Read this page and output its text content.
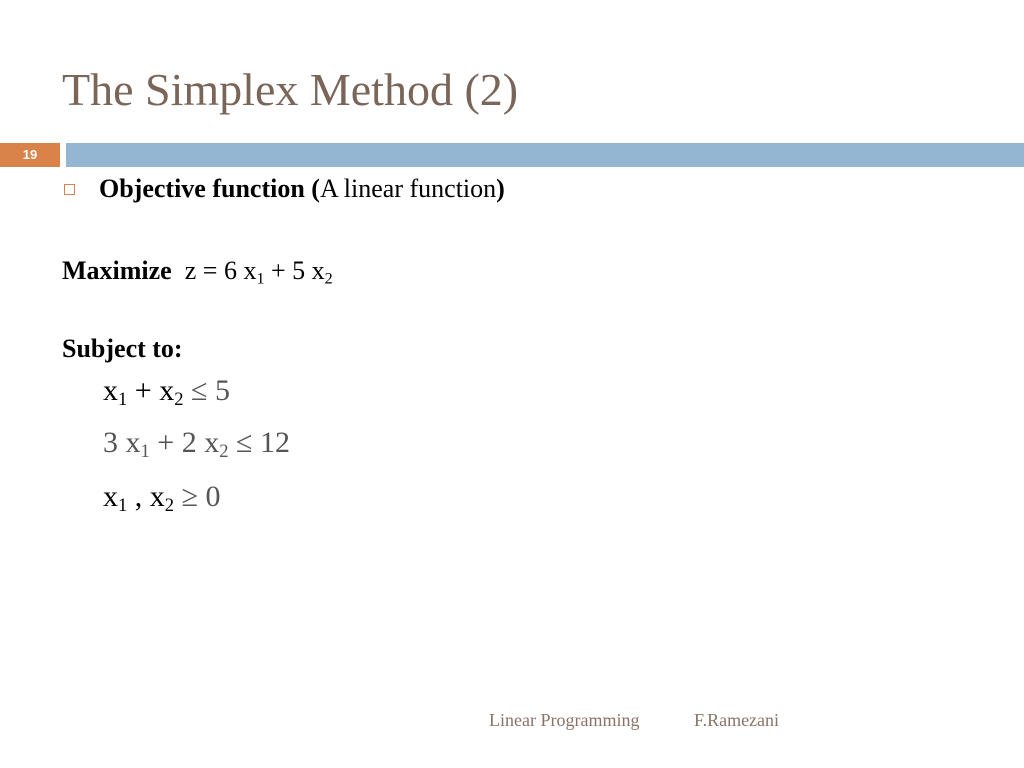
The Simplex Method (2)
19
Objective function ( A linear function )
Maximize z = 6 $x_1 + 5$ $x_2$
Subject to:
$x_1 + x_2 \le 5$
3 $x_1 + 2$ $x_2 \le 12$
$x_1$ , $x_2 \ge 0$
Linear Programming	F.Ramezani
